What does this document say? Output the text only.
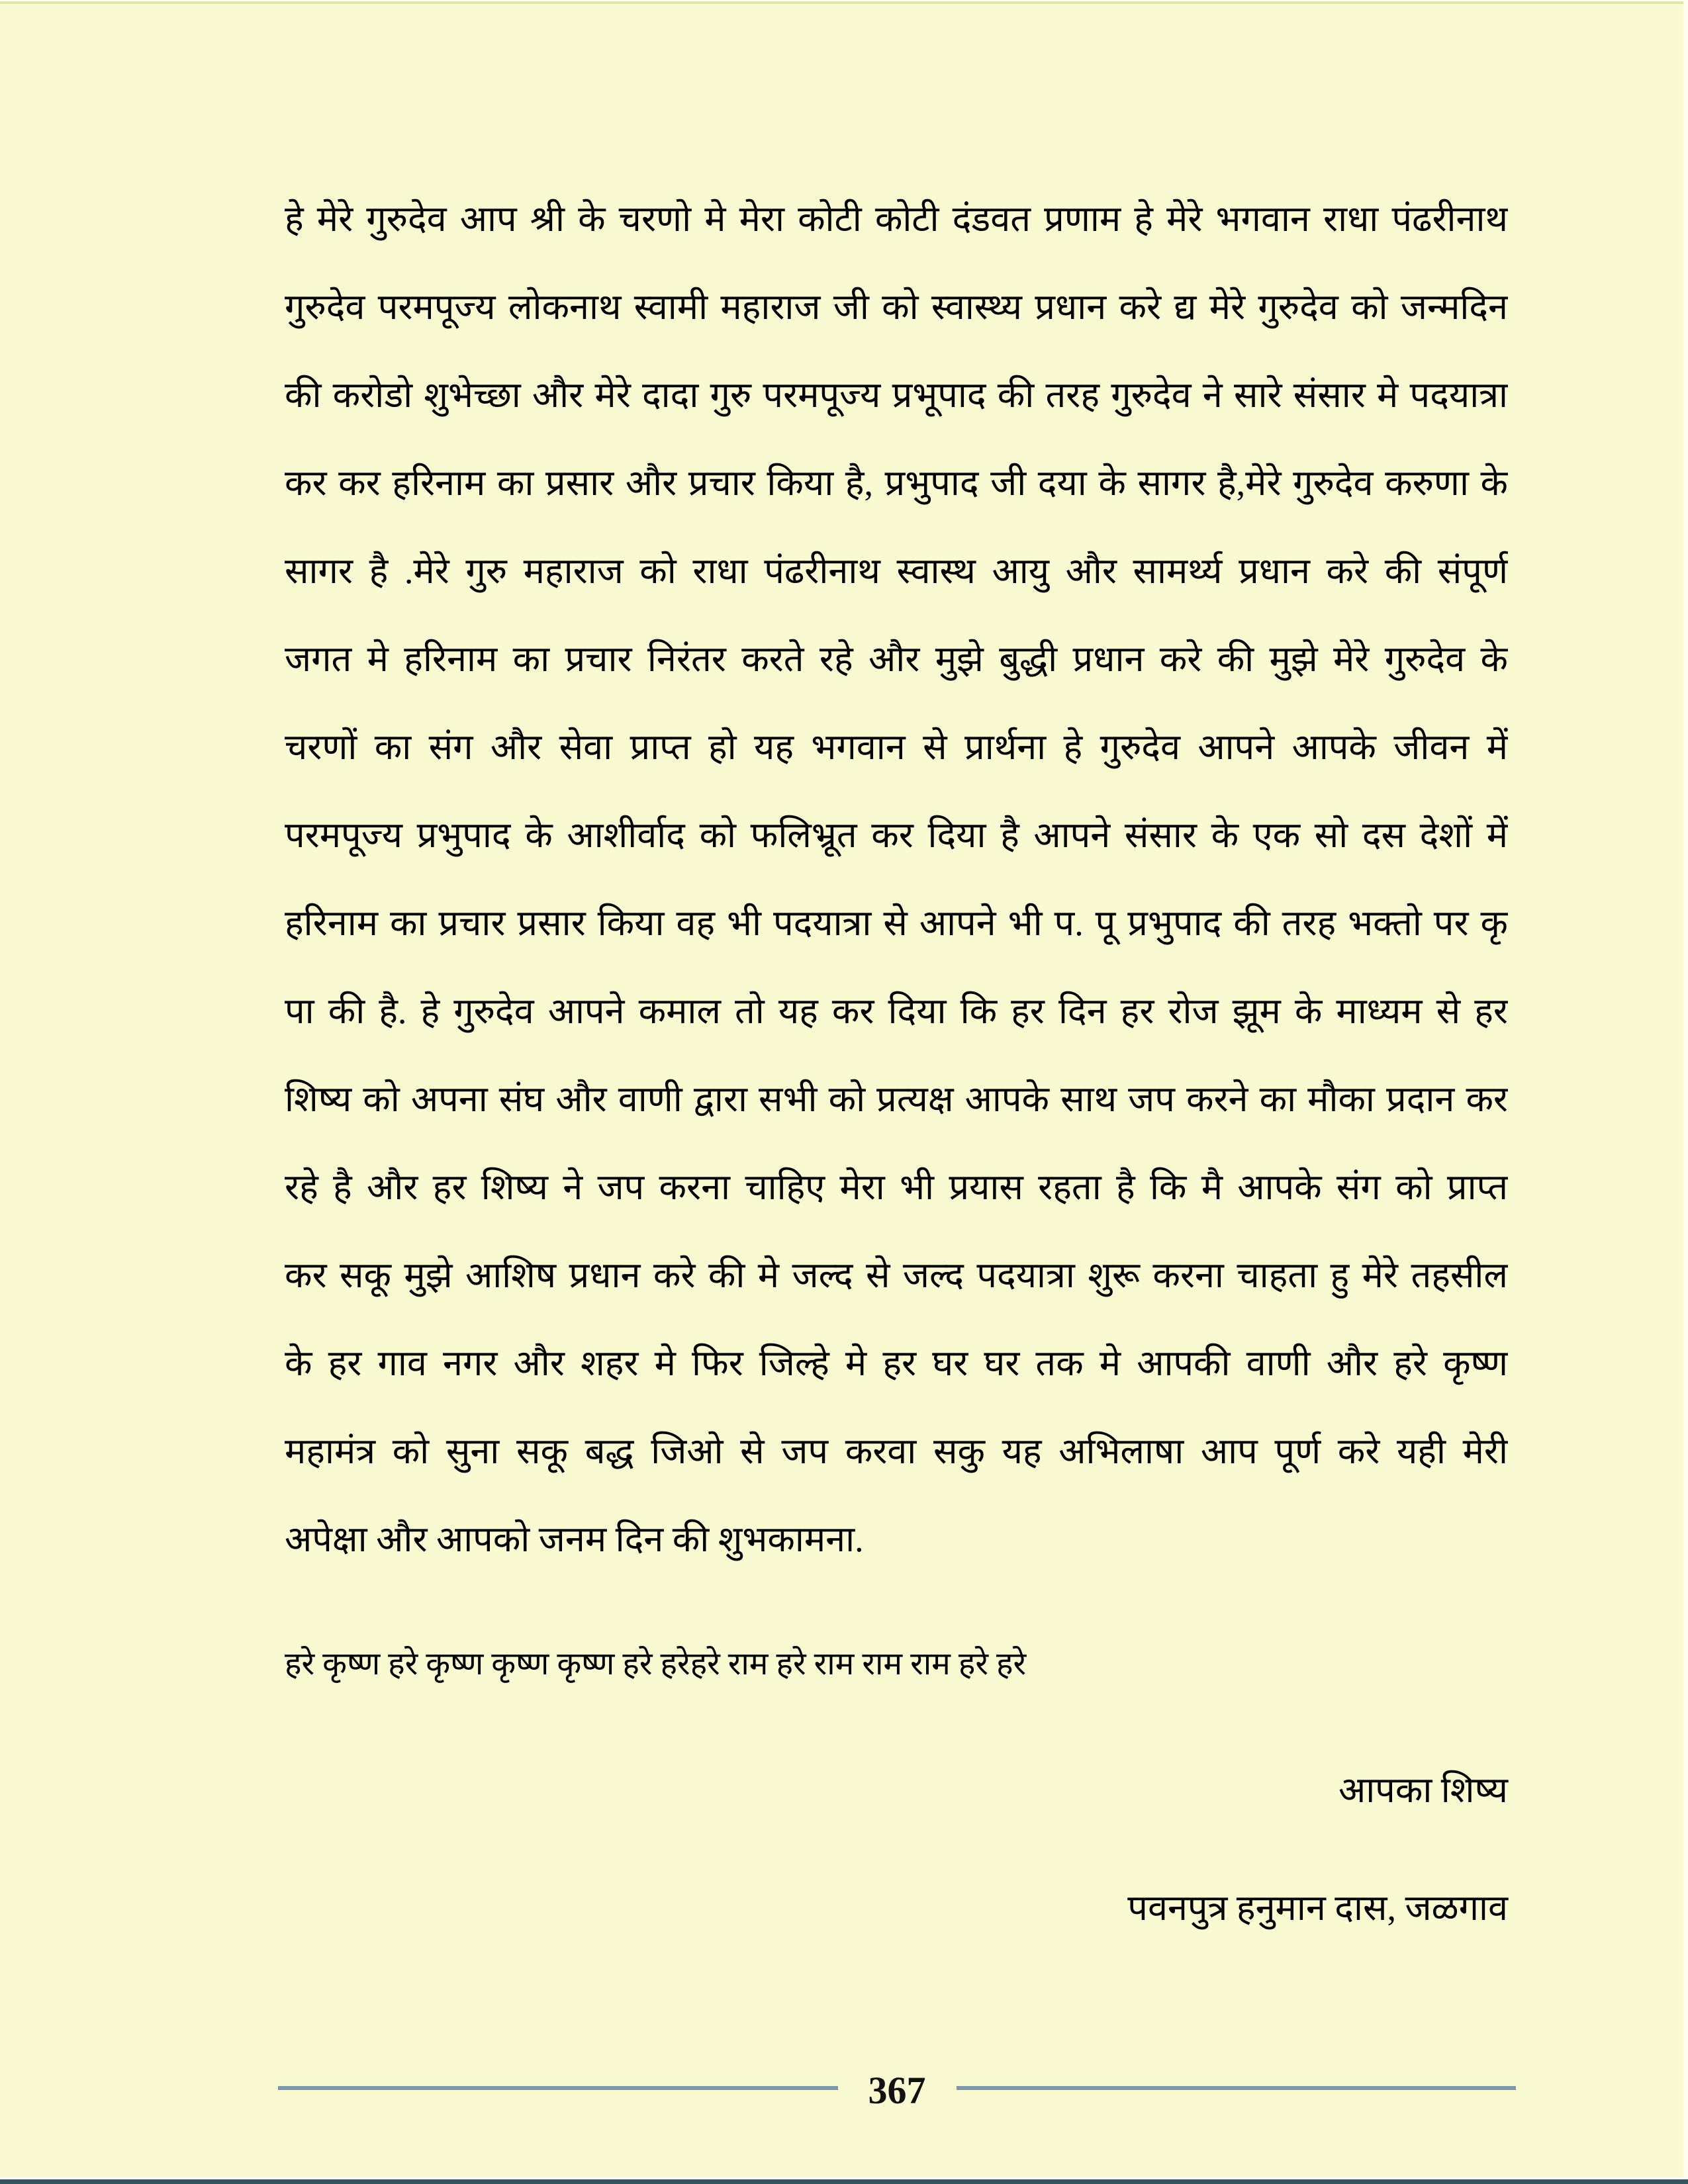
हे मेरे गुरुदेव आप श्री के चरणो मे मेरा कोटी कोटी दंडवत प्रणाम हे मेरे भगवान राधा पंढरीनाथ
गुरुदेव परमपूज्य लोकनाथ स्वामी महाराज जी को स्वास्थ्य प्रधान करे द्य मेरे गुरुदेव को जन्मदिन
की करोडो शुभेच्छा और मेरे दादा गुरु परमपूज्य प्रभूपाद की तरह गुरुदेव ने सारे संसार मे पदयात्रा
कर कर हरिनाम का प्रसार और प्रचार किया है, प्रभुपाद जी दया के सागर है,मेरे गुरुदेव करुणा के
सागर है .मेरे गुरु महाराज को राधा पंढरीनाथ स्वास्थ आयु और सामर्थ्य प्रधान करे की संपूर्ण
जगत मे हरिनाम का प्रचार निरंतर करते रहे और मुझे बुद्धी प्रधान करे की मुझे मेरे गुरुदेव के
चरणों का संग और सेवा प्राप्त हो यह भगवान से प्रार्थना हे गुरुदेव आपने आपके जीवन में
परमपूज्य प्रभुपाद के आशीर्वाद को फलिभ्रूत कर दिया है आपने संसार के एक सो दस देशों में
हरिनाम का प्रचार प्रसार किया वह भी पदयात्रा से आपने भी प. पू प्रभुपाद की तरह भक्तो पर कृ
पा की है. हे गुरुदेव आपने कमाल तो यह कर दिया कि हर दिन हर रोज झूम के माध्यम से हर
शिष्य को अपना संघ और वाणी द्वारा सभी को प्रत्यक्ष आपके साथ जप करने का मौका प्रदान कर
रहे है और हर शिष्य ने जप करना चाहिए मेरा भी प्रयास रहता है कि मै आपके संग को प्राप्त
कर सकू मुझे आशिष प्रधान करे की मे जल्द से जल्द पदयात्रा शुरू करना चाहता हु मेरे तहसील
के हर गाव नगर और शहर मे फिर जिल्हे मे हर घर घर तक मे आपकी वाणी और हरे कृष्ण
महामंत्र को सुना सकू बद्ध जिओ से जप करवा सकु यह अभिलाषा आप पूर्ण करे यही मेरी
अपेक्षा और आपको जनम दिन की शुभकामना.
हरे कृष्ण हरे कृष्ण कृष्ण कृष्ण हरे हरेहरे राम हरे राम राम राम हरे हरे
आपका शिष्य
पवनपुत्र हनुमान दास, जळगाव
367
